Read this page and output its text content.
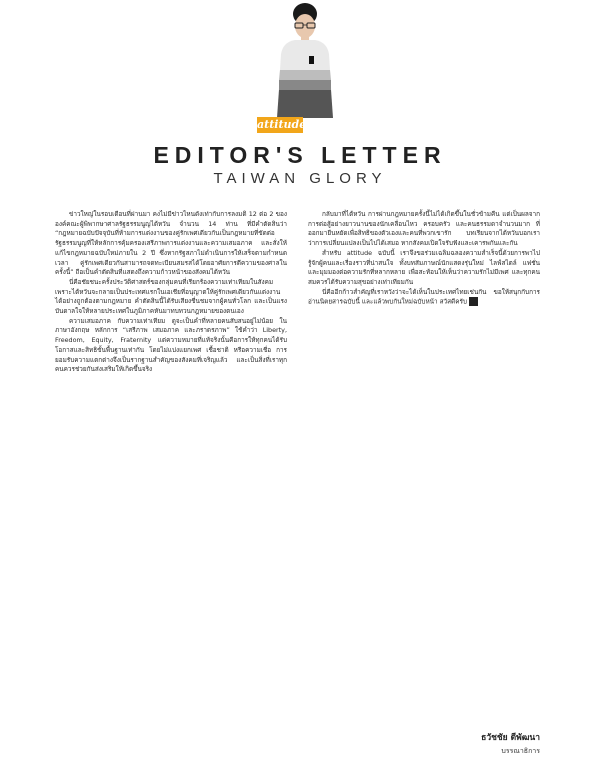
attitude
EDITOR'S LETTER
TAIWAN GLORY

ข่าวใหญ่ในรอบเดือนที่ผ่านมา คงไม่มีข่าวไหนดังเท่ากับการลงมติ 12 ต่อ 2 ขององค์คณะผู้พิพากษาศาลรัฐธรรมนูญไต้หวัน จำนวน 14 ท่าน ที่มีคำตัดสินว่า “กฎหมายฉบับปัจจุบันที่ห้ามการแต่งงานของคู่รักเพศเดียวกันเป็นกฎหมายที่ขัดต่อรัฐธรรมนูญที่ให้หลักการคุ้มครองเสรีภาพการแต่งงานและความเสมอภาค และสั่งให้แก้ไขกฎหมายฉบับใหม่ภายใน 2 ปี ซึ่งหากรัฐสภาไม่ดำเนินการให้เสร็จตามกำหนดเวลา คู่รักเพศเดียวกันสามารถจดทะเบียนสมรสได้โดยอาศัยการตีความของศาลในครั้งนี้” ถือเป็นคำตัดสินที่แสดงถึงความก้าวหน้าของสังคมไต้หวัน

นี่คือชัยชนะครั้งประวัติศาสตร์ของกลุ่มคนที่เรียกร้องความเท่าเทียมในสังคม เพราะไต้หวันจะกลายเป็นประเทศแรกในเอเชียที่อนุญาตให้คู่รักเพศเดียวกันแต่งงานได้อย่างถูกต้องตามกฎหมาย คำตัดสินนี้ได้รับเสียงชื่นชมจากผู้คนทั่วโลก และเป็นแรงบันดาลใจให้หลายประเทศในภูมิภาคหันมาทบทวนกฎหมายของตนเอง

ความเสมอภาค กับความเท่าเทียม ดูจะเป็นคำที่หลายคนสับสนอยู่ไม่น้อย ในภาษาอังกฤษ หลักการ “เสรีภาพ เสมอภาค และภราดรภาพ” ใช้คำว่า Liberty, Freedom, Equity, Fraternity แต่ความหมายที่แท้จริงนั้นคือการให้ทุกคนได้รับโอกาสและสิทธิขั้นพื้นฐานเท่ากัน โดยไม่แบ่งแยกเพศ เชื้อชาติ หรือความเชื่อ การยอมรับความแตกต่างจึงเป็นรากฐานสำคัญของสังคมที่เจริญแล้ว และเป็นสิ่งที่เราทุกคนควรช่วยกันส่งเสริมให้เกิดขึ้นจริง

กลับมาที่ไต้หวัน การผ่านกฎหมายครั้งนี้ไม่ได้เกิดขึ้นในชั่วข้ามคืน แต่เป็นผลจากการต่อสู้อย่างยาวนานของนักเคลื่อนไหว ครอบครัว และคนธรรมดาจำนวนมาก ที่ออกมายืนหยัดเพื่อสิทธิของตัวเองและคนที่พวกเขารัก บทเรียนจากไต้หวันบอกเราว่าการเปลี่ยนแปลงเป็นไปได้เสมอ หากสังคมเปิดใจรับฟังและเคารพกันและกัน

สำหรับ attitude ฉบับนี้ เราจึงขอร่วมเฉลิมฉลองความสำเร็จนี้ด้วยการพาไปรู้จักผู้คนและเรื่องราวที่น่าสนใจ ทั้งบทสัมภาษณ์นักแสดงรุ่นใหม่ ไลฟ์สไตล์ แฟชั่น และมุมมองต่อความรักที่หลากหลาย เพื่อสะท้อนให้เห็นว่าความรักไม่มีเพศ และทุกคนสมควรได้รับความสุขอย่างเท่าเทียมกัน

นี่คืออีกก้าวสำคัญที่เราหวังว่าจะได้เห็นในประเทศไทยเช่นกัน ขอให้สนุกกับการอ่านนิตยสารฉบับนี้ และแล้วพบกันใหม่ฉบับหน้า สวัสดีครับ a

ธวัชชัย ดีพัฒนา
บรรณาธิการ
